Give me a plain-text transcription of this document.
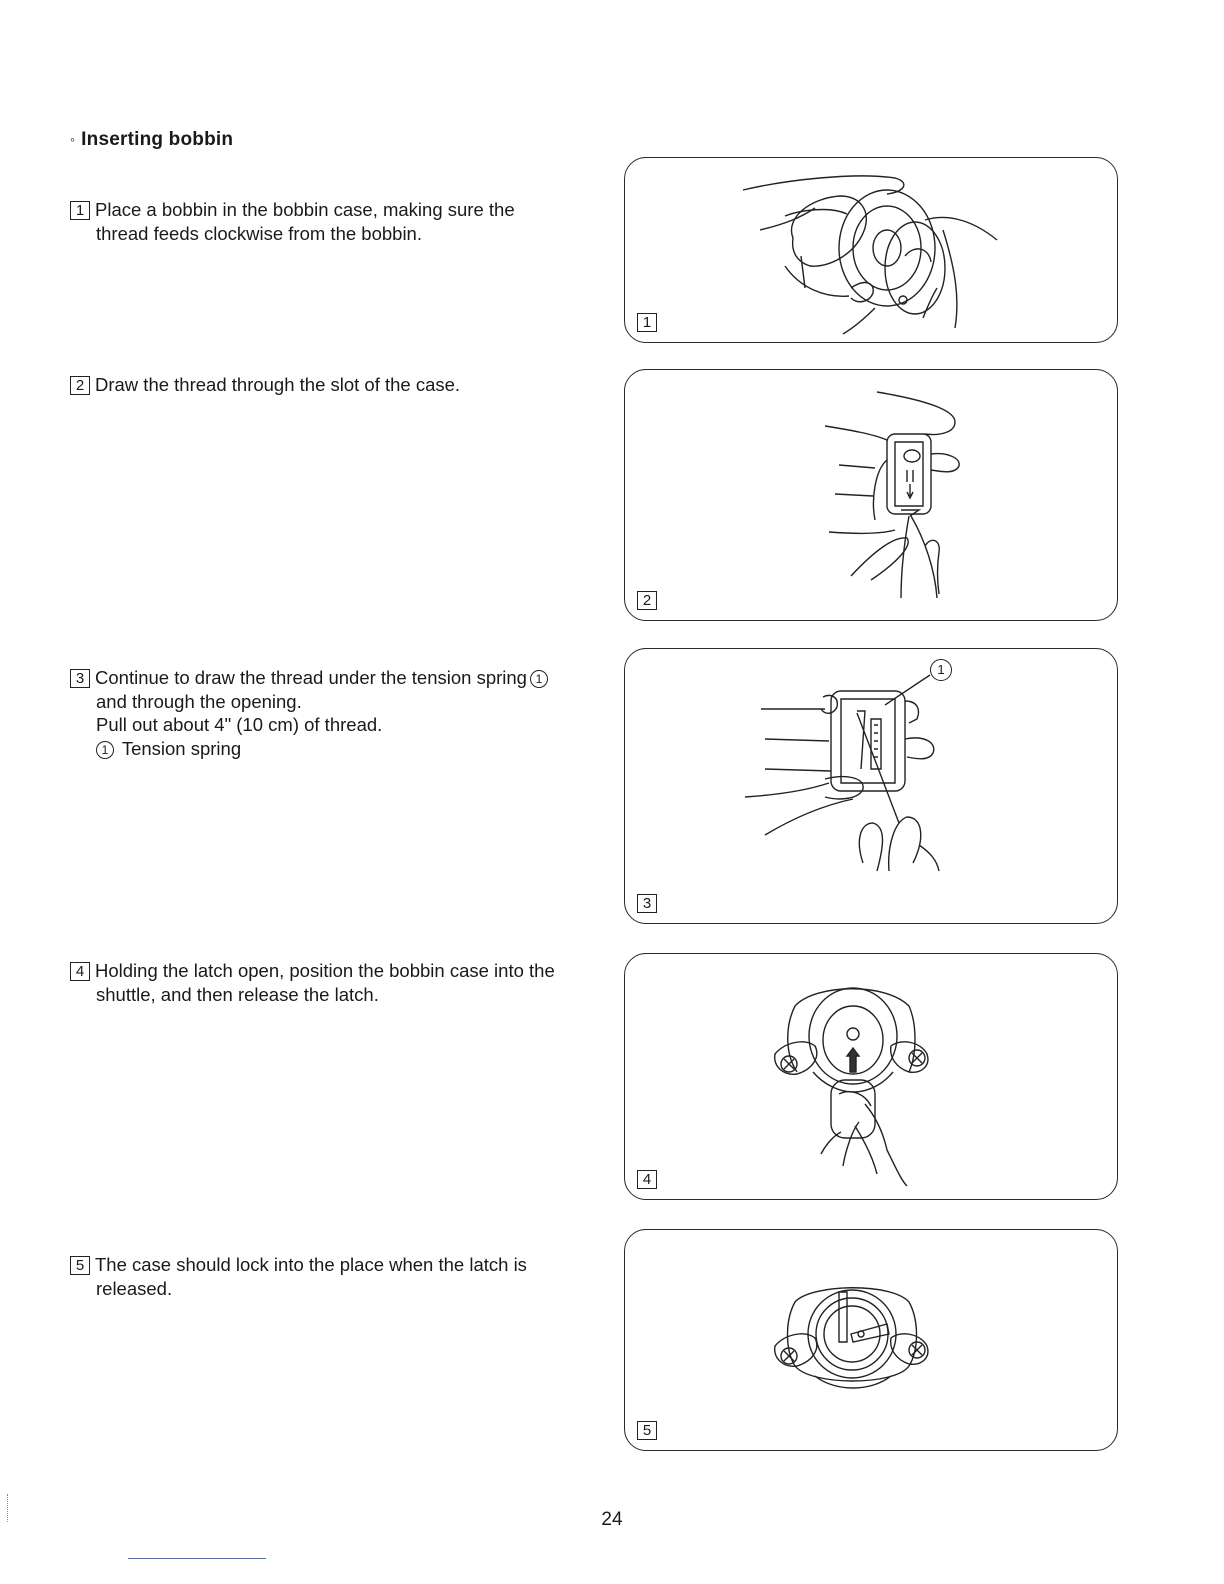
◦ Inserting bobbin
1 Place a bobbin in the bobbin case, making sure the
thread feeds clockwise from the bobbin.
2 Draw the thread through the slot of the case.
3 Continue to draw the thread under the tension spring 1
and through the opening.
Pull out about 4" (10 cm) of thread.
1 Tension spring
4 Holding the latch open, position the bobbin case into the
shuttle, and then release the latch.
5 The case should lock into the place when the latch is
released.
1
2
1
3
4
5
24
